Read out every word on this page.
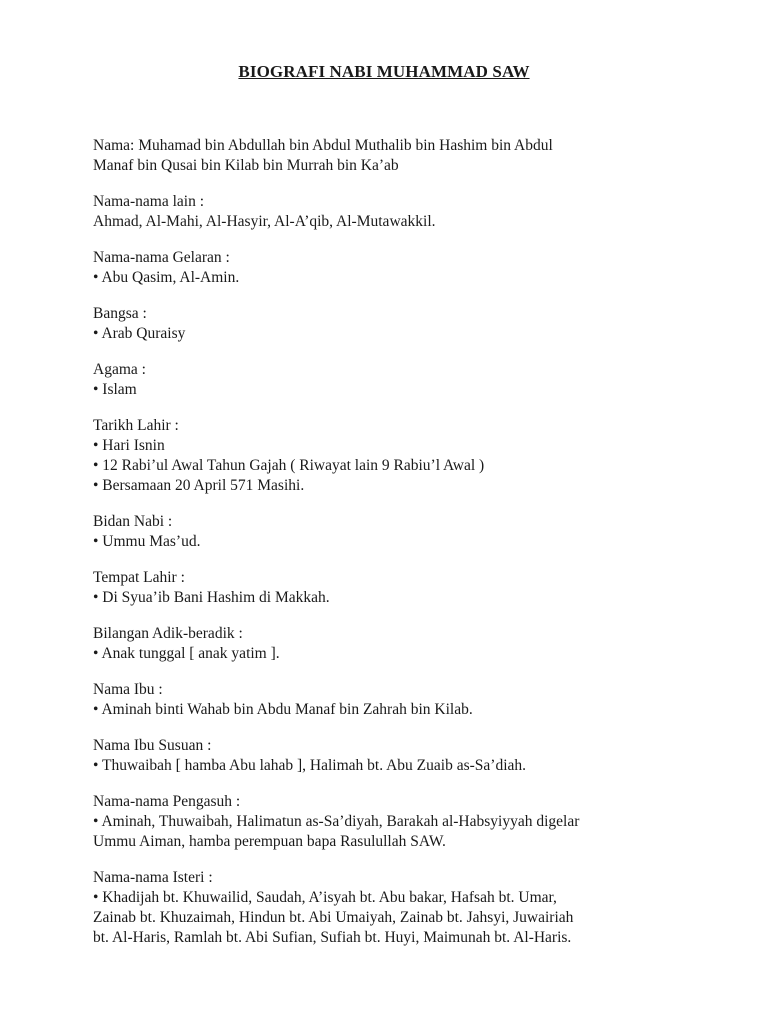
BIOGRAFI NABI MUHAMMAD SAW
Nama: Muhamad bin Abdullah bin Abdul Muthalib bin Hashim bin Abdul
Manaf bin Qusai bin Kilab bin Murrah bin Ka’ab
Nama-nama lain :
Ahmad, Al-Mahi, Al-Hasyir, Al-A’qib, Al-Mutawakkil.
Nama-nama Gelaran :
• Abu Qasim, Al-Amin.
Bangsa :
• Arab Quraisy
Agama :
• Islam
Tarikh Lahir :
• Hari Isnin
• 12 Rabi’ul Awal Tahun Gajah ( Riwayat lain 9 Rabiu’l Awal )
• Bersamaan 20 April 571 Masihi.
Bidan Nabi :
• Ummu Mas’ud.
Tempat Lahir :
• Di Syua’ib Bani Hashim di Makkah.
Bilangan Adik-beradik :
• Anak tunggal [ anak yatim ].
Nama Ibu :
• Aminah binti Wahab bin Abdu Manaf bin Zahrah bin Kilab.
Nama Ibu Susuan :
• Thuwaibah [ hamba Abu lahab ], Halimah bt. Abu Zuaib as-Sa’diah.
Nama-nama Pengasuh :
• Aminah, Thuwaibah, Halimatun as-Sa’diyah, Barakah al-Habsyiyyah digelar
Ummu Aiman, hamba perempuan bapa Rasulullah SAW.
Nama-nama Isteri :
• Khadijah bt. Khuwailid, Saudah, A’isyah bt. Abu bakar, Hafsah bt. Umar,
Zainab bt. Khuzaimah, Hindun bt. Abi Umaiyah, Zainab bt. Jahsyi, Juwairiah
bt. Al-Haris, Ramlah bt. Abi Sufian, Sufiah bt. Huyi, Maimunah bt. Al-Haris.
